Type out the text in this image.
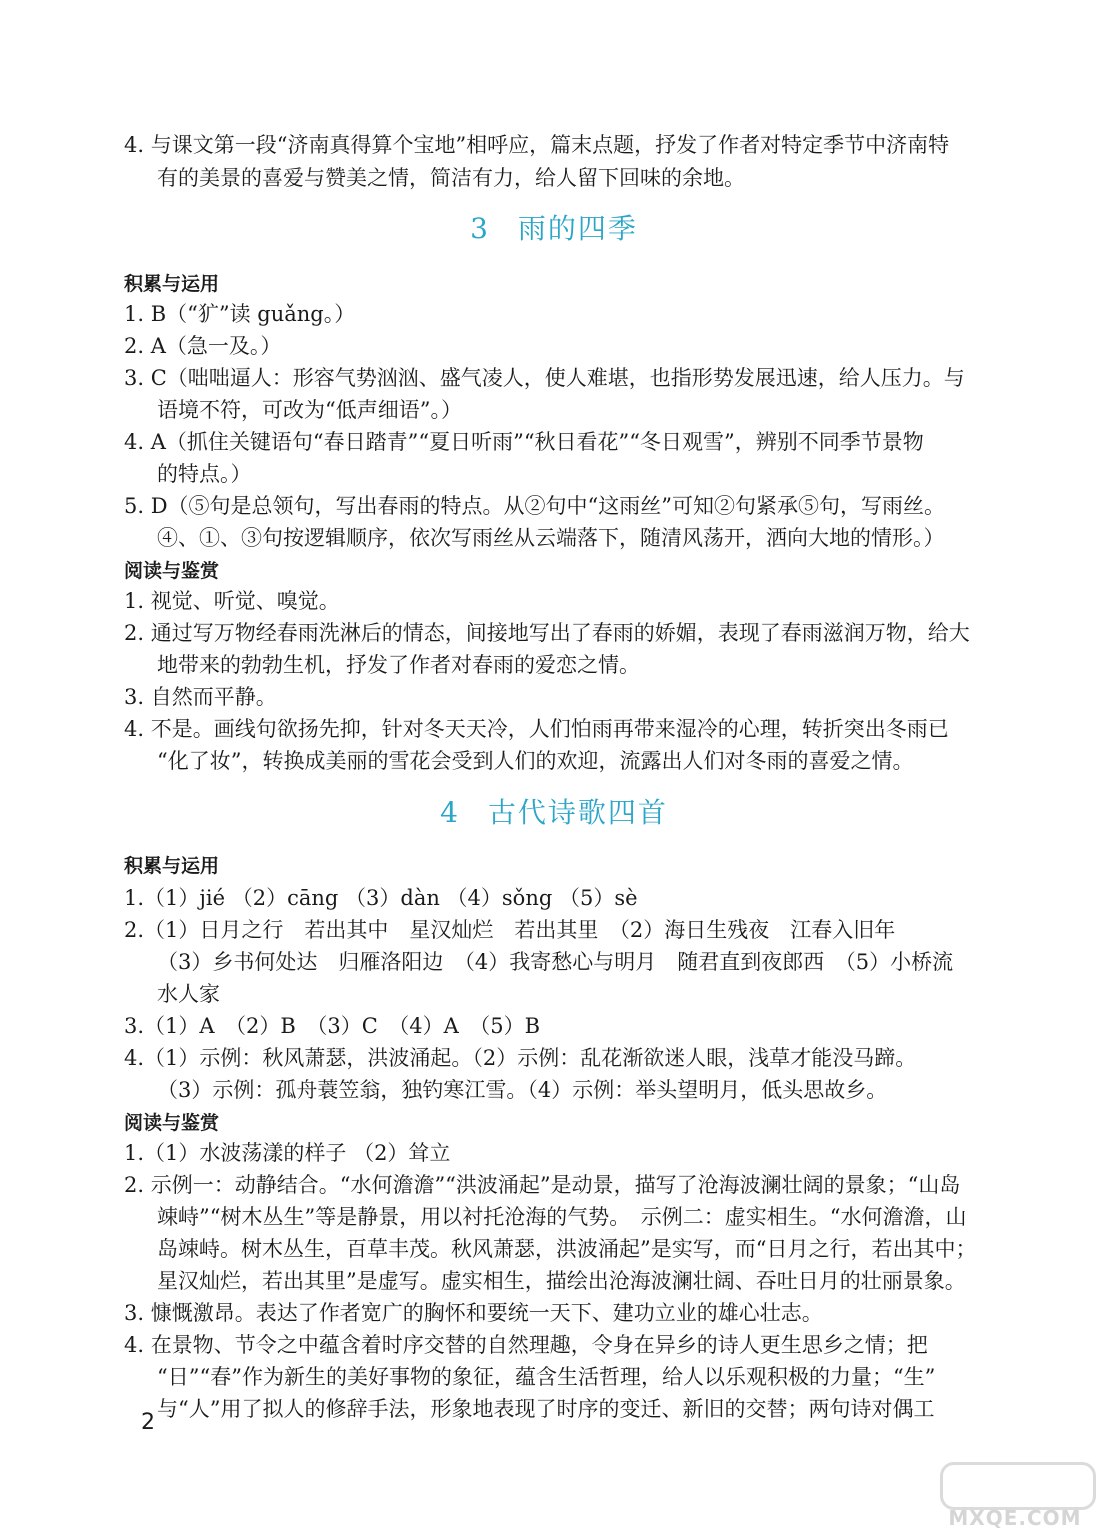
4. 与课文第一段“济南真得算个宝地”相呼应，篇末点题，抒发了作者对特定季节中济南特
有的美景的喜爱与赞美之情，简洁有力，给人留下回味的余地。
3 雨的四季
积累与运用
1. B（“犷”读 guǎng。）
2. A（急一及。）
3. C（咄咄逼人：形容气势汹汹、盛气凌人，使人难堪，也指形势发展迅速，给人压力。与
语境不符，可改为“低声细语”。）
4. A（抓住关键语句“春日踏青”“夏日听雨”“秋日看花”“冬日观雪”，辨别不同季节景物
的特点。）
5. D（⑤句是总领句，写出春雨的特点。从②句中“这雨丝”可知②句紧承⑤句，写雨丝。
④、①、③句按逻辑顺序，依次写雨丝从云端落下，随清风荡开，洒向大地的情形。）
阅读与鉴赏
1. 视觉、听觉、嗅觉。
2. 通过写万物经春雨洗淋后的情态，间接地写出了春雨的娇媚，表现了春雨滋润万物，给大
地带来的勃勃生机，抒发了作者对春雨的爱恋之情。
3. 自然而平静。
4. 不是。画线句欲扬先抑，针对冬天天冷，人们怕雨再带来湿冷的心理，转折突出冬雨已
“化了妆”，转换成美丽的雪花会受到人们的欢迎，流露出人们对冬雨的喜爱之情。
4 古代诗歌四首
积累与运用
1.（1）jié （2）cāng （3）dàn （4）sǒng （5）sè
2.（1）日月之行　若出其中　星汉灿烂　若出其里　（2）海日生残夜　江春入旧年
（3）乡书何处达　归雁洛阳边　（4）我寄愁心与明月　随君直到夜郎西　（5）小桥流
水人家
3.（1）A　（2）B　（3）C　（4）A　（5）B
4.（1）示例：秋风萧瑟，洪波涌起。（2）示例：乱花渐欲迷人眼，浅草才能没马蹄。
（3）示例：孤舟蓑笠翁，独钓寒江雪。（4）示例：举头望明月，低头思故乡。
阅读与鉴赏
1.（1）水波荡漾的样子 （2）耸立
2. 示例一：动静结合。“水何澹澹”“洪波涌起”是动景，描写了沧海波澜壮阔的景象；“山岛
竦峙”“树木丛生”等是静景，用以衬托沧海的气势。　示例二：虚实相生。“水何澹澹，山
岛竦峙。树木丛生，百草丰茂。秋风萧瑟，洪波涌起”是实写，而“日月之行，若出其中；
星汉灿烂，若出其里”是虚写。虚实相生，描绘出沧海波澜壮阔、吞吐日月的壮丽景象。
3. 慷慨激昂。表达了作者宽广的胸怀和要统一天下、建功立业的雄心壮志。
4. 在景物、节令之中蕴含着时序交替的自然理趣，令身在异乡的诗人更生思乡之情；把
“日”“春”作为新生的美好事物的象征，蕴含生活哲理，给人以乐观积极的力量；“生”
与“人”用了拟人的修辞手法，形象地表现了时序的变迁、新旧的交替；两句诗对偶工
2
MXQE.COM
